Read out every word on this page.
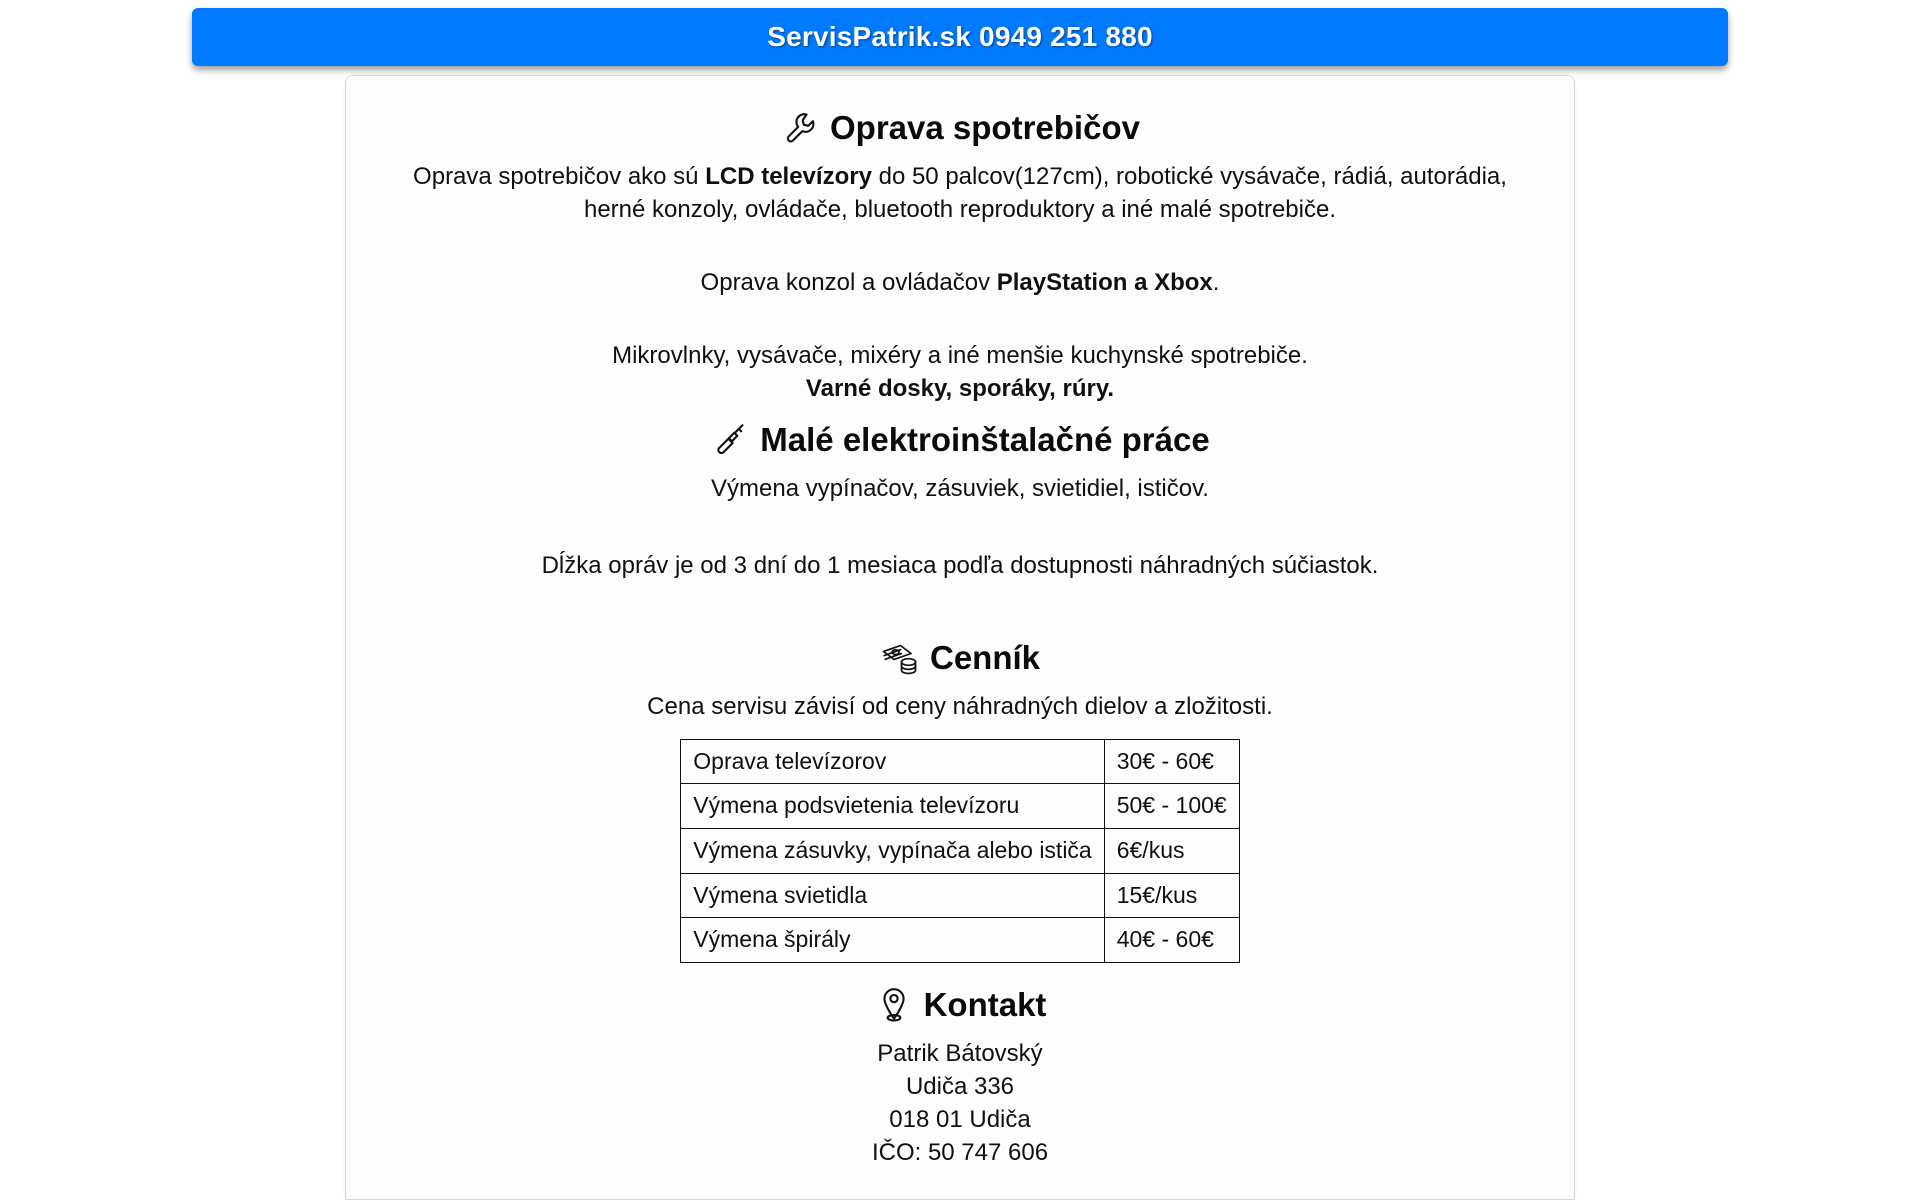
ServisPatrik.sk 0949 251 880
Oprava spotrebičov

Oprava spotrebičov ako sú LCD televízory do 50 palcov(127cm), robotické vysávače, rádiá, autorádia, herné konzoly, ovládače, bluetooth reproduktory a iné malé spotrebiče.

Oprava konzol a ovládačov PlayStation a Xbox.

Mikrovlnky, vysávače, mixéry a iné menšie kuchynské spotrebiče.

Varné dosky, sporáky, rúry.

Malé elektroinštalačné práce

Výmena vypínačov, zásuviek, svietidiel, ističov.

Dĺžka opráv je od 3 dní do 1 mesiaca podľa dostupnosti náhradných súčiastok.

Cenník

Cena servisu závisí od ceny náhradných dielov a zložitosti.

Oprava televízorov	30€ - 60€
Výmena podsvietenia televízoru	50€ - 100€
Výmena zásuvky, vypínača alebo ističa	6€/kus
Výmena svietidla	15€/kus
Výmena špirály	40€ - 60€
Kontakt
Patrik Bátovský
Udiča 336
018 01 Udiča
IČO: 50 747 606
